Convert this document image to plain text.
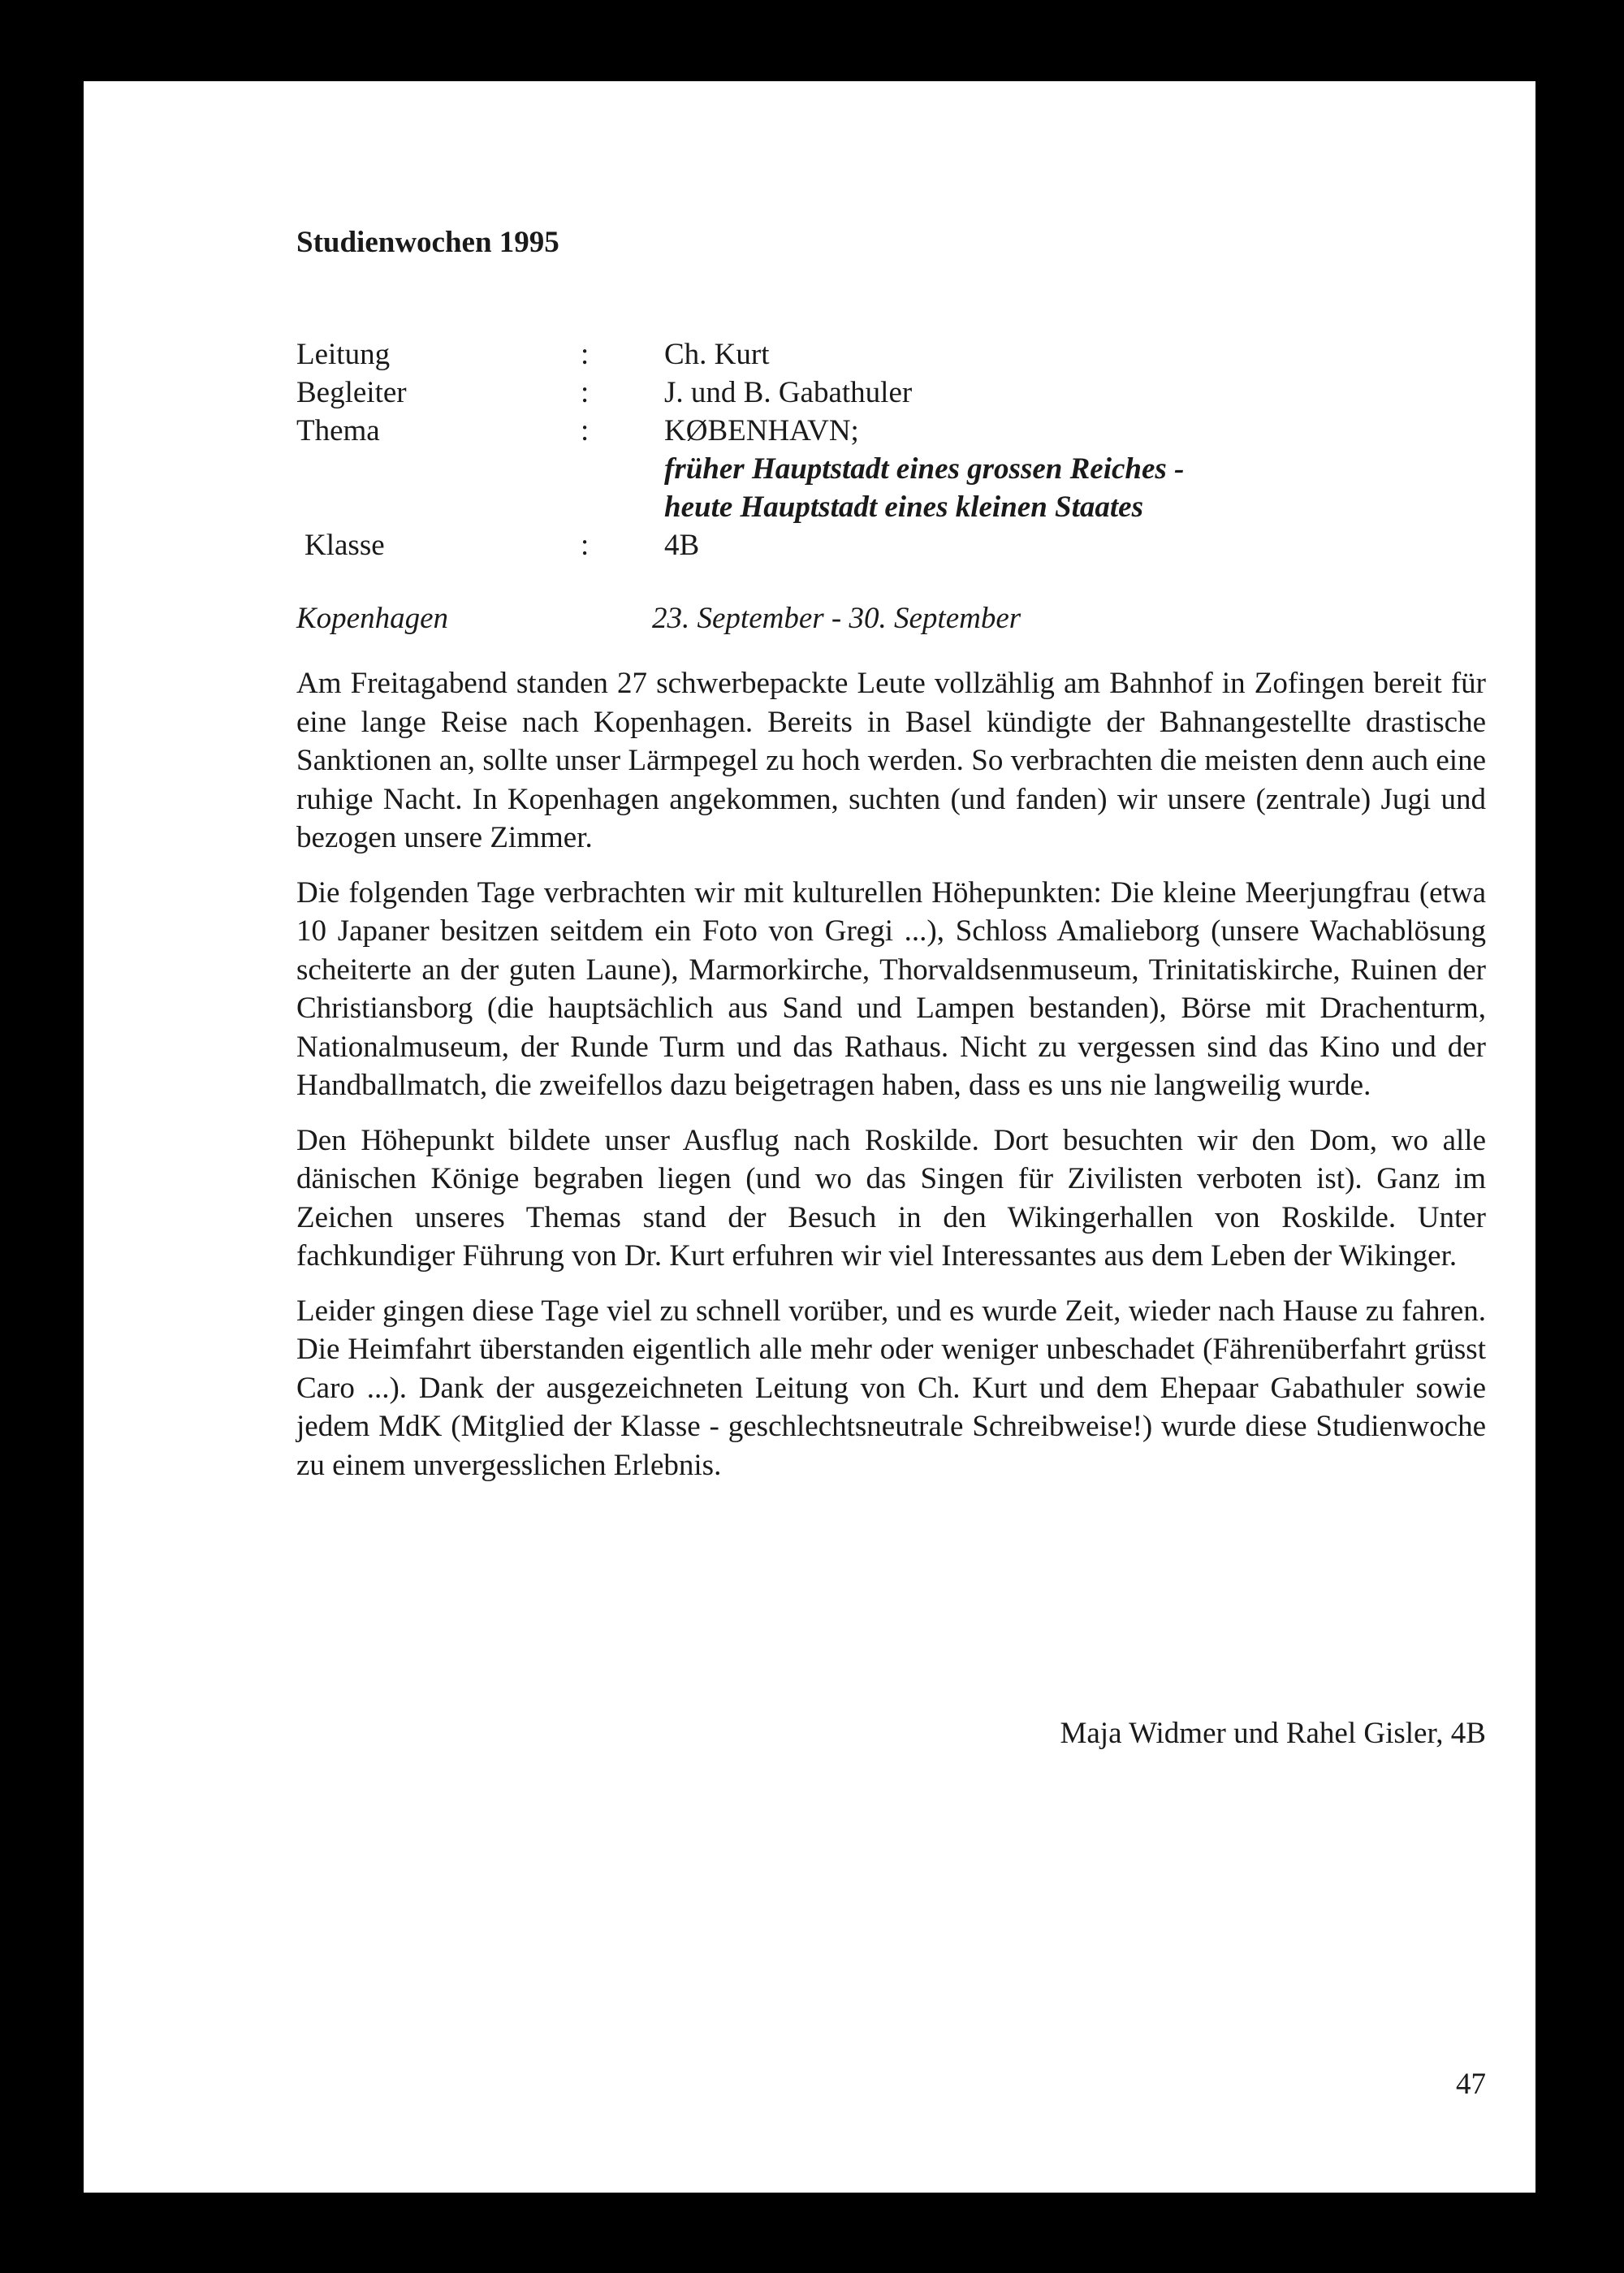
Studienwochen 1995
Leitung	:	Ch. Kurt
Begleiter	:	J. und B. Gabathuler
Thema	:	KØBENHAVN;
früher Hauptstadt eines grossen Reiches -
heute Hauptstadt eines kleinen Staates
Klasse	:	4B
Kopenhagen	23. September - 30. September

Am Freitagabend standen 27 schwerbepackte Leute vollzählig am Bahnhof in Zofingen bereit für eine lange Reise nach Kopenhagen. Bereits in Basel kündigte der Bahnangestellte drastische Sanktionen an, sollte unser Lärmpegel zu hoch werden. So verbrachten die meisten denn auch eine ruhige Nacht. In Kopenhagen angekommen, suchten (und fanden) wir unsere (zentrale) Jugi und bezogen unsere Zimmer.

Die folgenden Tage verbrachten wir mit kulturellen Höhepunkten: Die kleine Meerjungfrau (etwa 10 Japaner besitzen seitdem ein Foto von Gregi ...), Schloss Amalieborg (unsere Wachablösung scheiterte an der guten Laune), Marmorkirche, Thorvaldsenmuseum, Trinitatiskirche, Ruinen der Christiansborg (die hauptsächlich aus Sand und Lampen bestanden), Börse mit Drachenturm, Nationalmuseum, der Runde Turm und das Rathaus. Nicht zu vergessen sind das Kino und der Handballmatch, die zweifellos dazu beigetragen haben, dass es uns nie langweilig wurde.

Den Höhepunkt bildete unser Ausflug nach Roskilde. Dort besuchten wir den Dom, wo alle dänischen Könige begraben liegen (und wo das Singen für Zivilisten verboten ist). Ganz im Zeichen unseres Themas stand der Besuch in den Wikingerhallen von Roskilde. Unter fachkundiger Führung von Dr. Kurt erfuhren wir viel Interessantes aus dem Leben der Wikinger.

Leider gingen diese Tage viel zu schnell vorüber, und es wurde Zeit, wieder nach Hause zu fahren. Die Heimfahrt überstanden eigentlich alle mehr oder weniger unbeschadet (Fährenüberfahrt grüsst Caro ...). Dank der ausgezeichneten Leitung von Ch. Kurt und dem Ehepaar Gabathuler sowie jedem MdK (Mitglied der Klasse - geschlechtsneutrale Schreibweise!) wurde diese Studienwoche zu einem unvergesslichen Erlebnis.

Maja Widmer und Rahel Gisler, 4B
47
